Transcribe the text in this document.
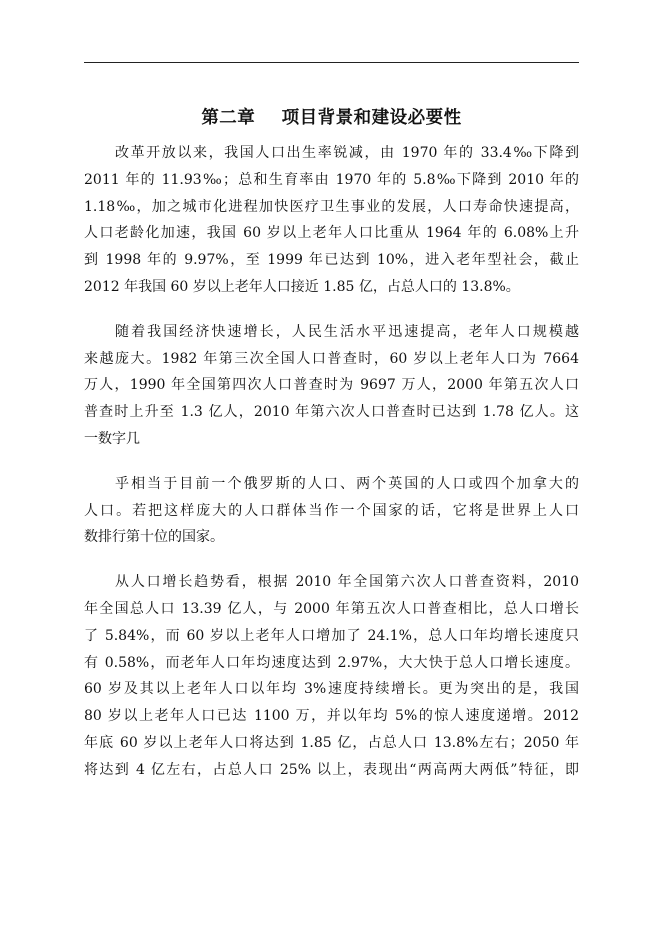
第二章    项目背景和建设必要性
改革开放以来，我国人口出生率锐减，由 1970 年的 33.4‰下降到
2011 年的 11.93‰；总和生育率由 1970 年的 5.8‰下降到 2010 年的
1.18‰，加之城市化进程加快医疗卫生事业的发展，人口寿命快速提高，
人口老龄化加速，我国 60 岁以上老年人口比重从 1964 年的 6.08%上升
到 1998 年的 9.97%，至 1999 年已达到 10%，进入老年型社会，截止
2012 年我国 60 岁以上老年人口接近 1.85 亿，占总人口的 13.8%。
随着我国经济快速增长，人民生活水平迅速提高，老年人口规模越
来越庞大。1982 年第三次全国人口普查时，60 岁以上老年人口为 7664
万人，1990 年全国第四次人口普查时为 9697 万人，2000 年第五次人口
普查时上升至 1.3 亿人，2010 年第六次人口普查时已达到 1.78 亿人。这
一数字几
乎相当于目前一个俄罗斯的人口、两个英国的人口或四个加拿大的
人口。若把这样庞大的人口群体当作一个国家的话，它将是世界上人口
数排行第十位的国家。
从人口增长趋势看，根据 2010 年全国第六次人口普查资料，2010
年全国总人口 13.39 亿人，与 2000 年第五次人口普查相比，总人口增长
了 5.84%，而 60 岁以上老年人口增加了 24.1%，总人口年均增长速度只
有 0.58%，而老年人口年均速度达到 2.97%，大大快于总人口增长速度。
60 岁及其以上老年人口以年均 3%速度持续增长。更为突出的是，我国
80 岁以上老年人口已达 1100 万，并以年均 5%的惊人速度递增。2012
年底 60 岁以上老年人口将达到 1.85 亿，占总人口 13.8%左右；2050 年
将达到 4 亿左右，占总人口 25% 以上，表现出“两高两大两低”特征，即
